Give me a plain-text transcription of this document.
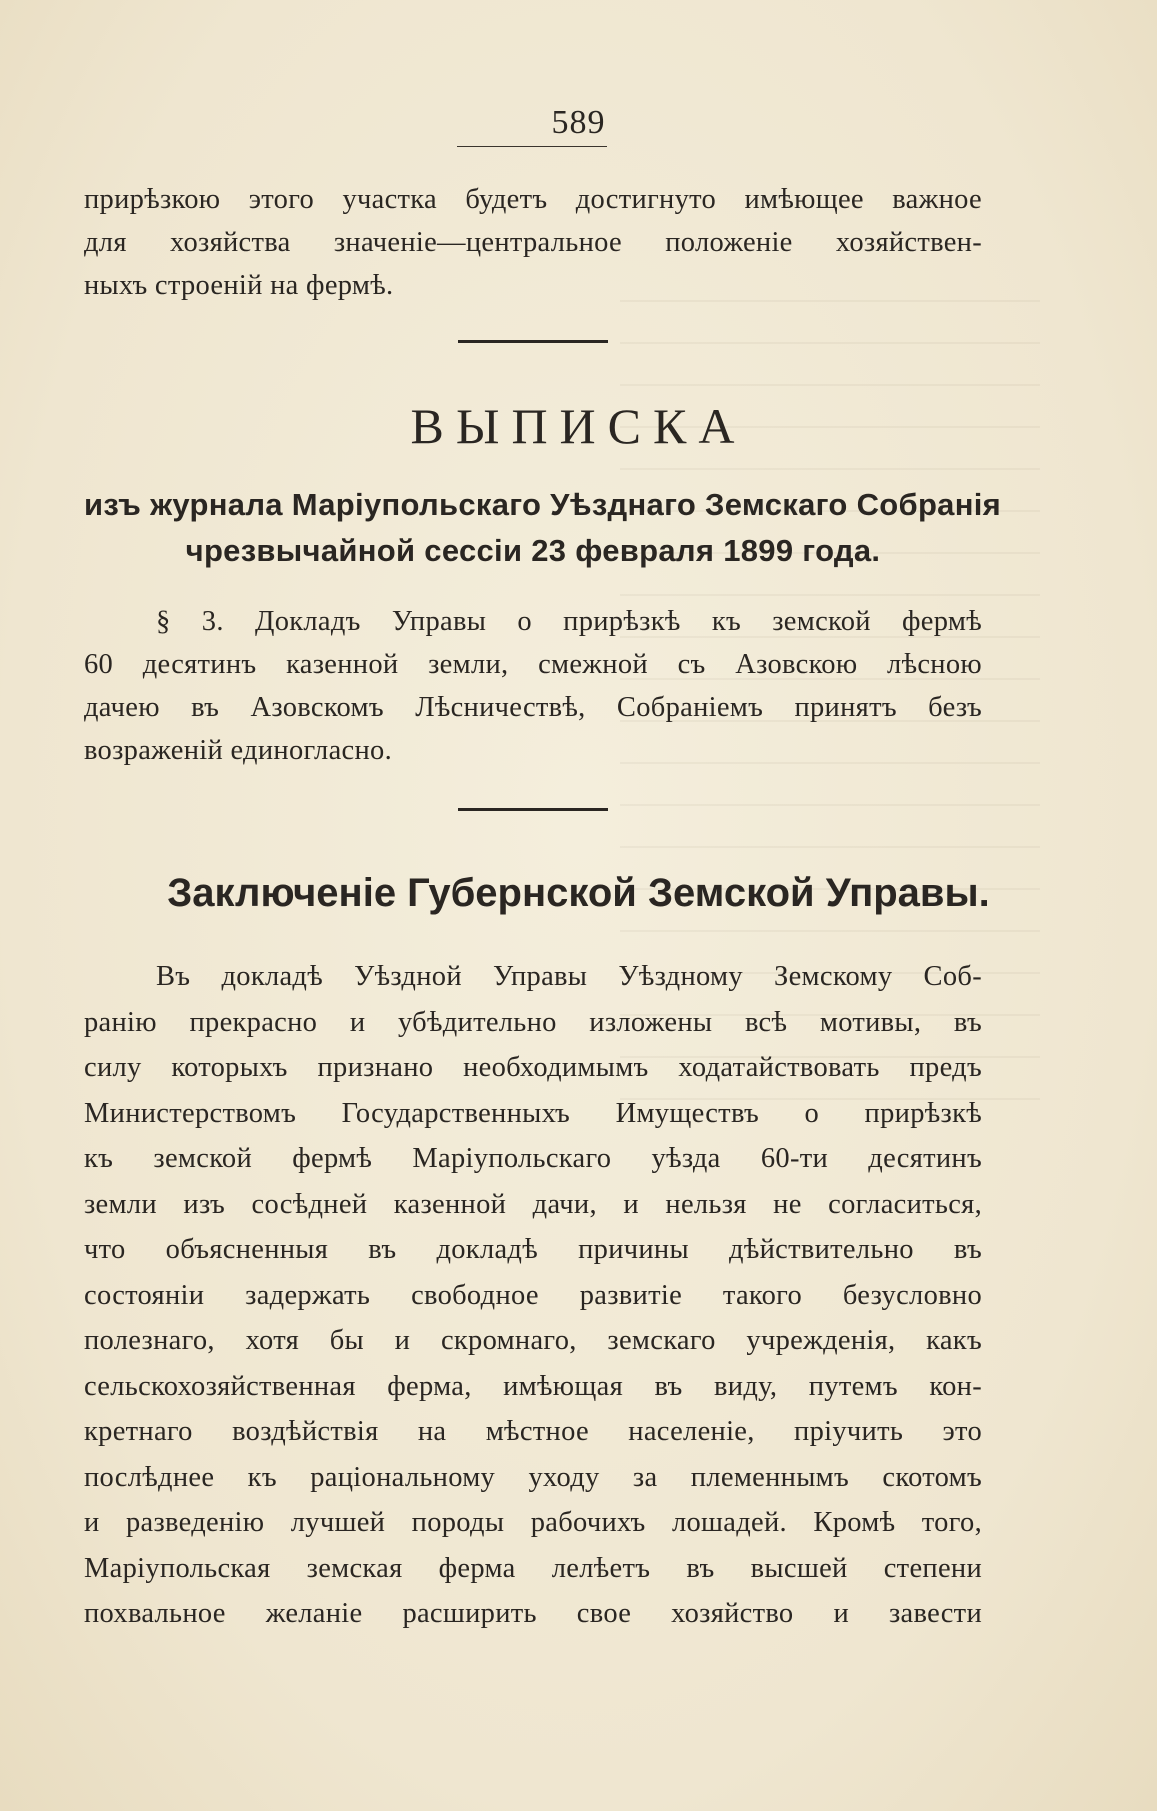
589
прирѣзкою этого участка будетъ достигнуто имѣющее важное
для хозяйства значеніе—центральное положеніе хозяйствен-
ныхъ строеній на фермѣ.
ВЫПИСКА
изъ журнала Маріупольскаго Уѣзднаго Земскаго Собранія
чрезвычайной сессіи 23 февраля 1899 года.
§ 3. Докладъ Управы о прирѣзкѣ къ земской фермѣ
60 десятинъ казенной земли, смежной съ Азовскою лѣсною
дачею въ Азовскомъ Лѣсничествѣ, Собраніемъ принятъ безъ
возраженій единогласно.
Заключеніе Губернской Земской Управы.
Въ докладѣ Уѣздной Управы Уѣздному Земскому Соб-
ранію прекрасно и убѣдительно изложены всѣ мотивы, въ
силу которыхъ признано необходимымъ ходатайствовать предъ
Министерствомъ Государственныхъ Имуществъ о прирѣзкѣ
къ земской фермѣ Маріупольскаго уѣзда 60-ти десятинъ
земли изъ сосѣдней казенной дачи, и нельзя не согласиться,
что объясненныя въ докладѣ причины дѣйствительно въ
состояніи задержать свободное развитіе такого безусловно
полезнаго, хотя бы и скромнаго, земскаго учрежденія, какъ
сельскохозяйственная ферма, имѣющая въ виду, путемъ кон-
кретнаго воздѣйствія на мѣстное населеніе, пріучить это
послѣднее къ раціональному уходу за племеннымъ скотомъ
и разведенію лучшей породы рабочихъ лошадей. Кромѣ того,
Маріупольская земская ферма лелѣетъ въ высшей степени
похвальное желаніе расширить свое хозяйство и завести
